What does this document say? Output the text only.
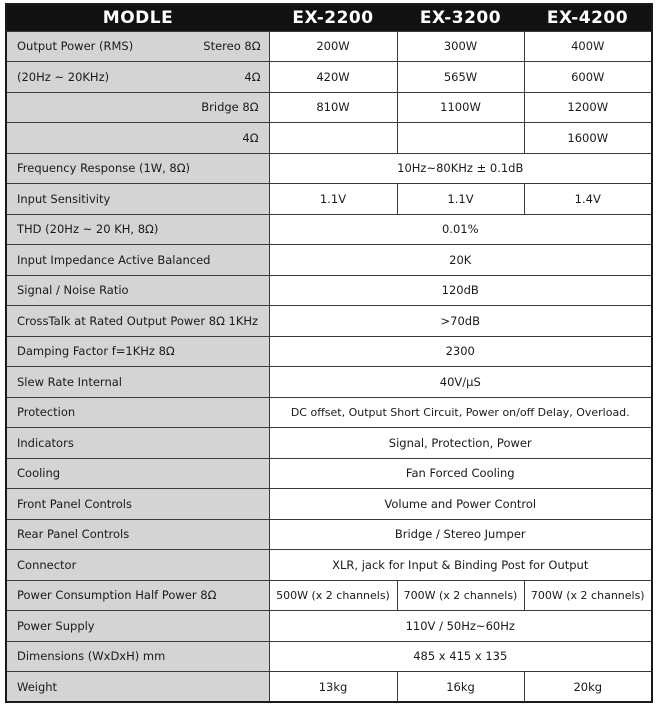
MODLE	EX-2200	EX-3200	EX-4200

Output Power (RMS) Stereo 8Ω	200W	300W	400W

(20Hz ~ 20KHz) 4Ω	420W	565W	600W
Bridge 8Ω	810W	1100W	1200W
4Ω			1600W
Frequency Response (1W, 8Ω)	10Hz~80KHz ± 0.1dB		
Input Sensitivity	1.1V	1.1V	1.4V
THD (20Hz ~ 20 KH, 8Ω)	0.01%		
Input Impedance Active Balanced	20K		
Signal / Noise Ratio	120dB		
CrossTalk at Rated Output Power 8Ω 1KHz	>70dB		
Damping Factor f=1KHz 8Ω	2300		
Slew Rate Internal	40V/μS		
Protection	DC offset, Output Short Circuit, Power on/off Delay, Overload.		
Indicators	Signal, Protection, Power		
Cooling	Fan Forced Cooling		
Front Panel Controls	Volume and Power Control		
Rear Panel Controls	Bridge / Stereo Jumper		
Connector	XLR, jack for Input & Binding Post for Output		
Power Consumption Half Power 8Ω	500W (x 2 channels)	700W (x 2 channels)	700W (x 2 channels)
Power Supply	110V / 50Hz~60Hz		
Dimensions (WxDxH) mm	485 x 415 x 135		
Weight	13kg	16kg	20kg
